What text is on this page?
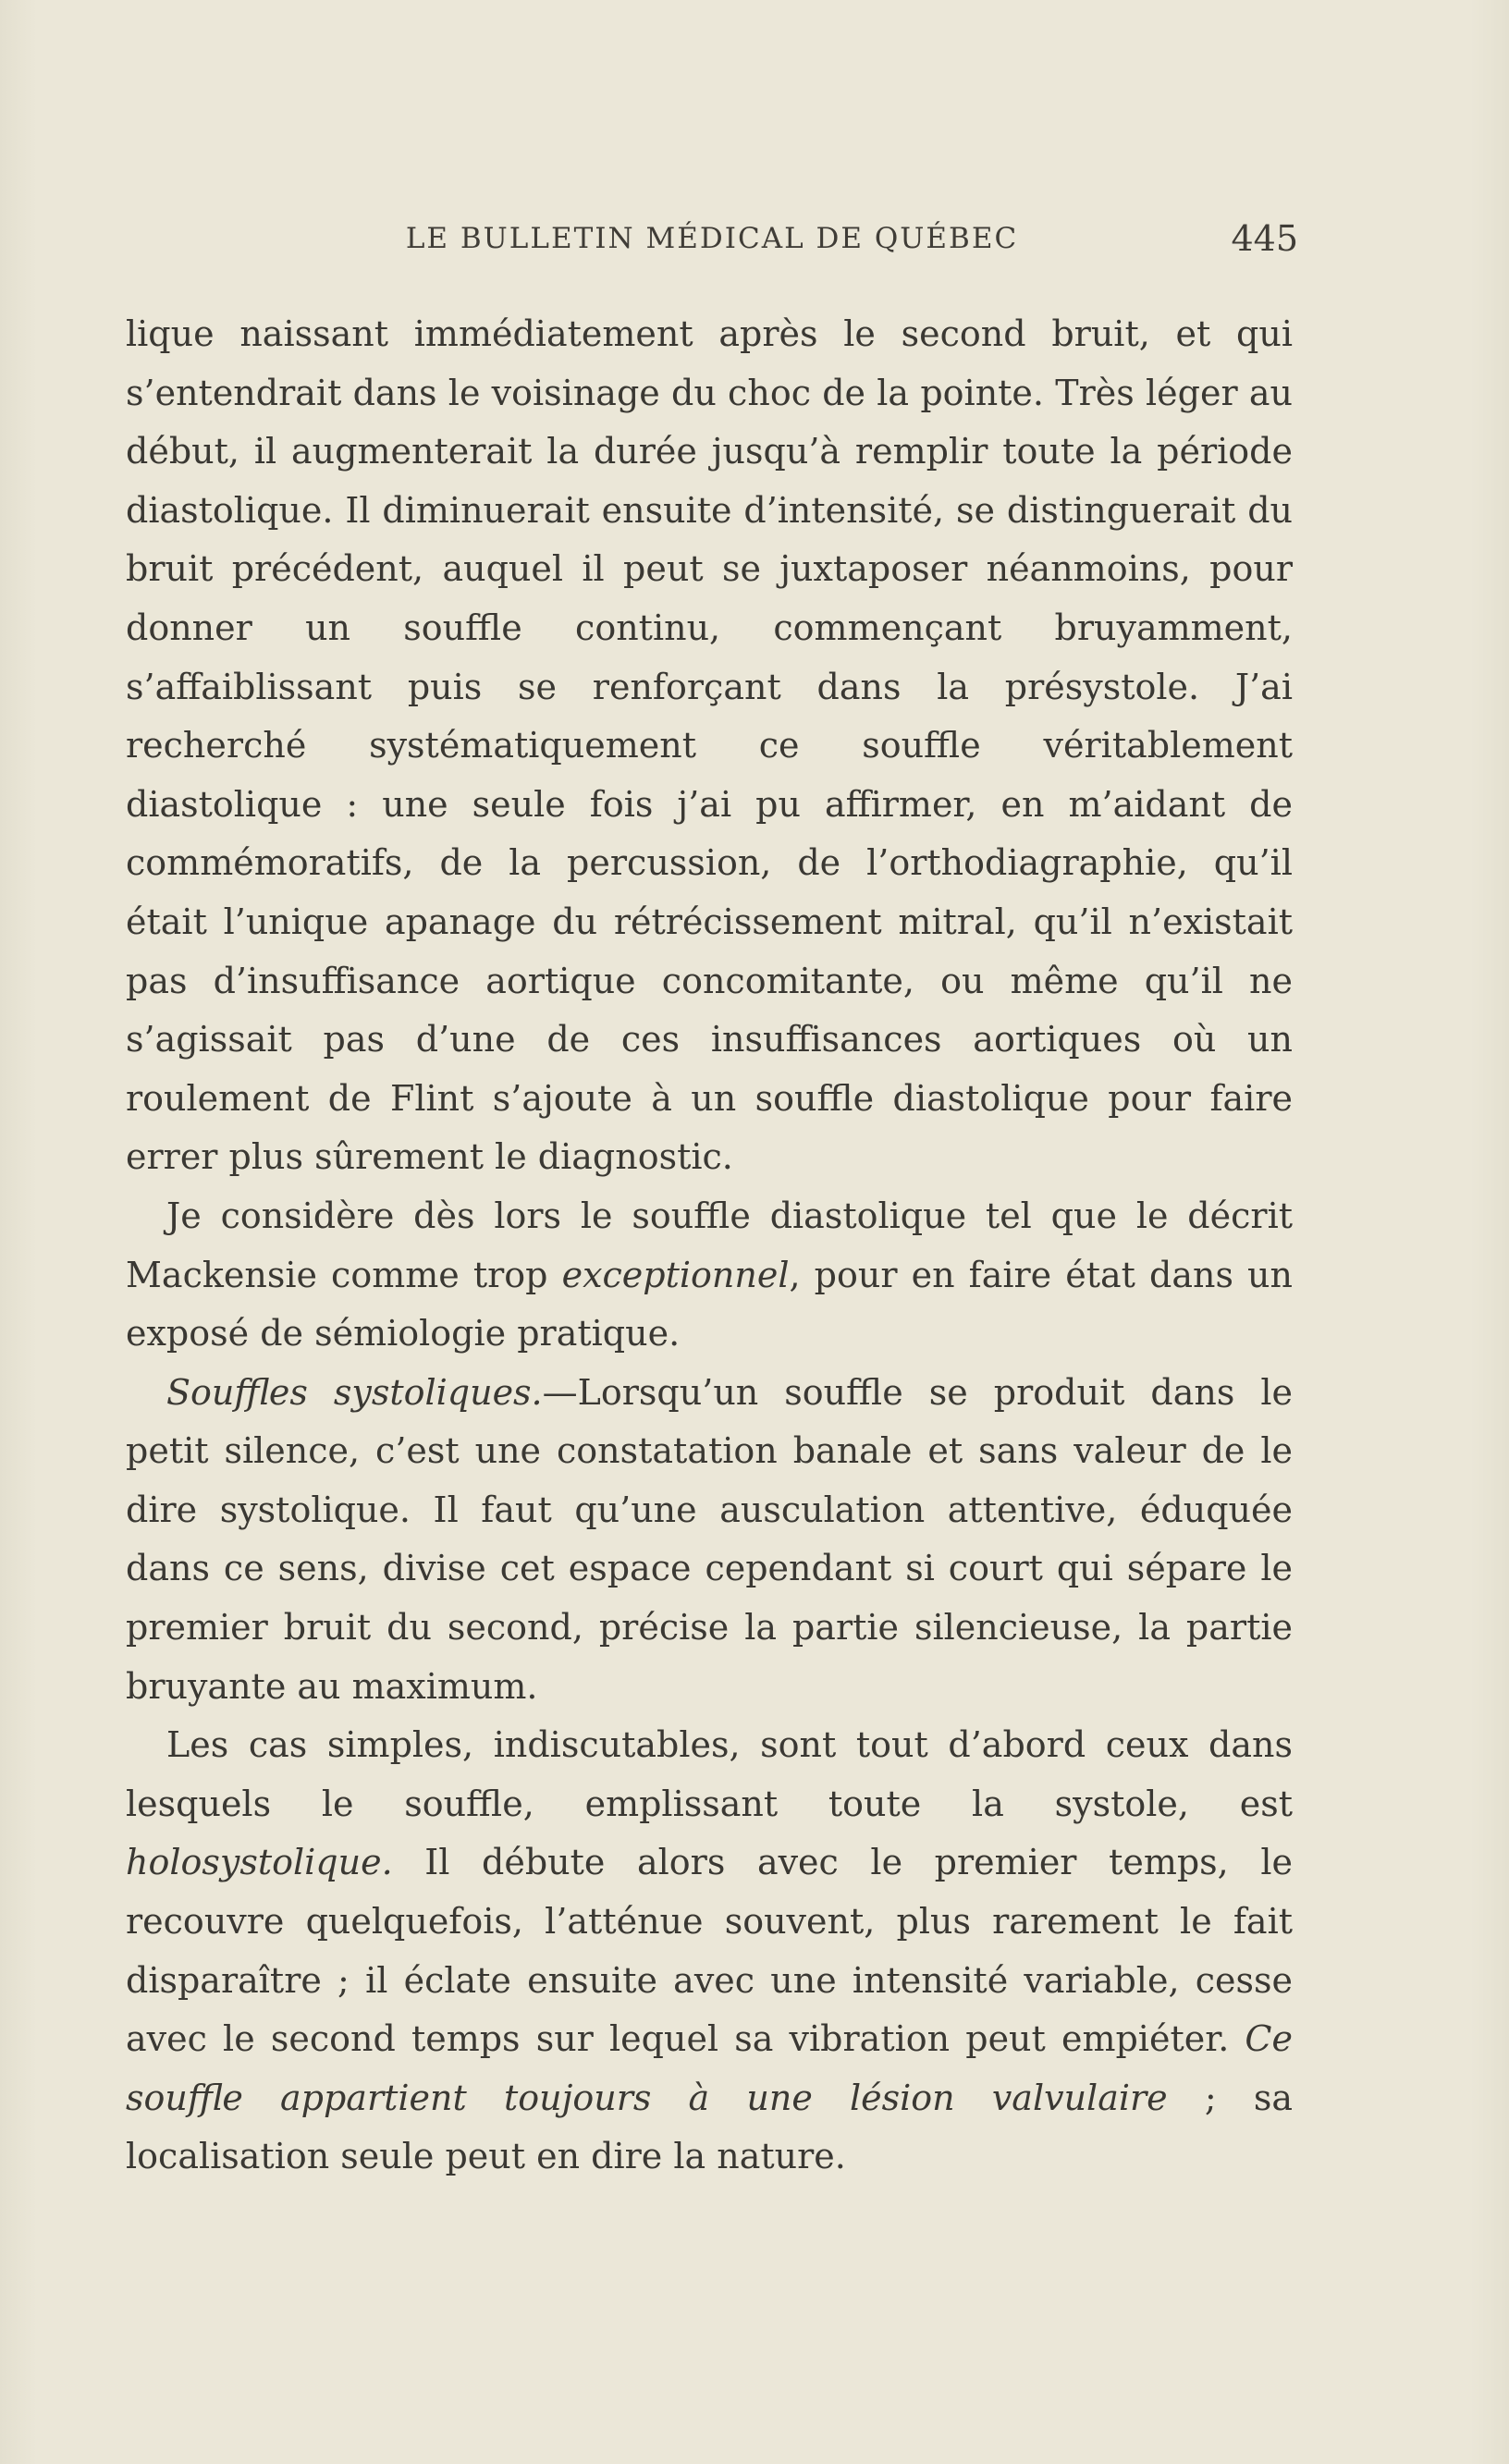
LE BULLETIN MÉDICAL DE QUÉBEC	445

lique naissant immédiatement après le second bruit, et qui s’entendrait dans le voisinage du choc de la pointe. Très léger au début, il augmenterait la durée jusqu’à remplir toute la période diastolique. Il diminuerait ensuite d’intensité, se distinguerait du bruit précédent, auquel il peut se juxtaposer néanmoins, pour donner un souffle continu, commençant bruyamment, s’affaiblissant puis se renforçant dans la présystole. J’ai recherché systématiquement ce souffle véritablement diastolique : une seule fois j’ai pu affirmer, en m’aidant de commémoratifs, de la percussion, de l’orthodiagraphie, qu’il était l’unique apanage du rétrécissement mitral, qu’il n’existait pas d’insuffisance aortique concomitante, ou même qu’il ne s’agissait pas d’une de ces insuffisances aortiques où un roulement de Flint s’ajoute à un souffle diastolique pour faire errer plus sûrement le diagnostic.

Je considère dès lors le souffle diastolique tel que le décrit Mackensie comme trop exceptionnel, pour en faire état dans un exposé de sémiologie pratique.

Souffles systoliques.—Lorsqu’un souffle se produit dans le petit silence, c’est une constatation banale et sans valeur de le dire systolique. Il faut qu’une ausculation attentive, éduquée dans ce sens, divise cet espace cependant si court qui sépare le premier bruit du second, précise la partie silencieuse, la partie bruyante au maximum.

Les cas simples, indiscutables, sont tout d’abord ceux dans lesquels le souffle, emplissant toute la systole, est holosystolique. Il débute alors avec le premier temps, le recouvre quelquefois, l’atténue souvent, plus rarement le fait disparaître ; il éclate ensuite avec une intensité variable, cesse avec le second temps sur lequel sa vibration peut empiéter. Ce souffle appartient toujours à une lésion valvulaire ; sa localisation seule peut en dire la nature.
